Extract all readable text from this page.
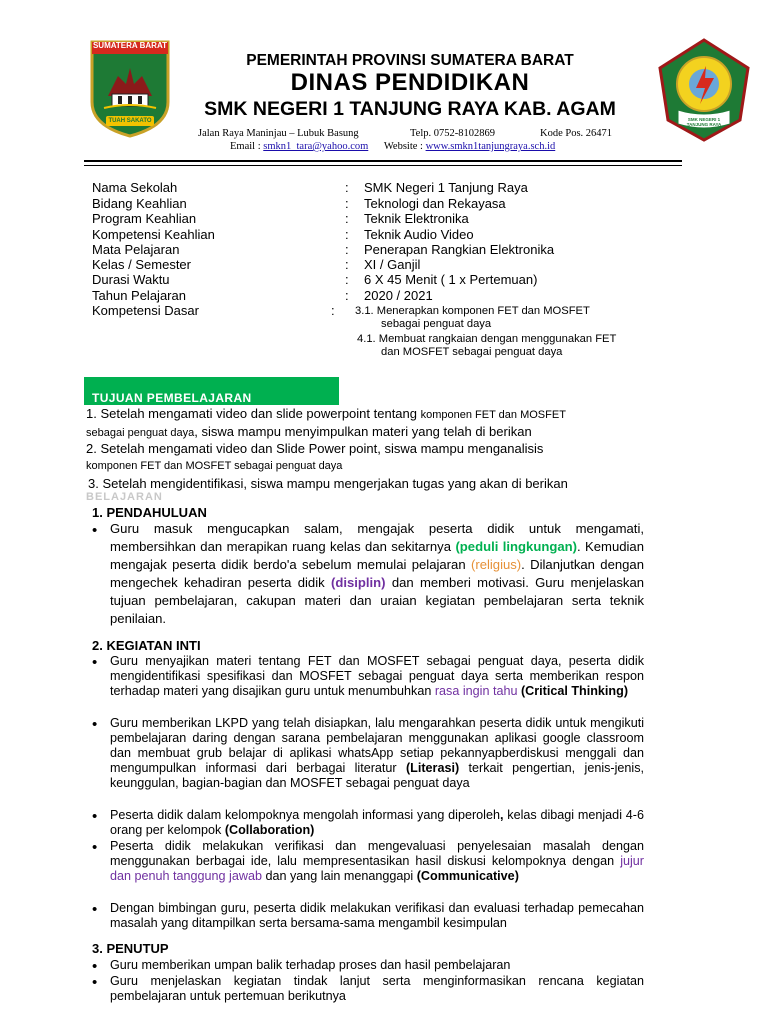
SUMATERA BARAT
TUAH SAKATO	SMK NEGERI 1 TANJUNG RAYA
PEMERINTAH PROVINSI SUMATERA BARAT
DINAS PENDIDIKAN
SMK NEGERI 1 TANJUNG RAYA KAB. AGAM
Jalan Raya Maninjau – Lubuk Basung	Telp. 0752-8102869	Kode Pos. 26471
Email : smkn1_tara@yahoo.com Website : www.smkn1tanjungraya.sch.id
Nama Sekolah	: SMK Negeri 1 Tanjung Raya
Bidang Keahlian	: Teknologi dan Rekayasa
Program Keahlian	: Teknik Elektronika
Kompetensi Keahlian	: Teknik Audio Video
Mata Pelajaran	: Penerapan Rangkian Elektronika
Kelas / Semester	: XI / Ganjil
Durasi Waktu	: 6 X 45 Menit ( 1 x Pertemuan)
Tahun Pelajaran	: 2020 / 2021
Kompetensi Dasar	: 3.1. Menerapkan komponen FET dan MOSFET
sebagai penguat daya
4.1. Membuat rangkaian dengan menggunakan FET
dan MOSFET sebagai penguat daya
TUJUAN PEMBELAJARAN
1. Setelah mengamati video dan slide powerpoint tentang komponen FET dan MOSFET
sebagai penguat daya, siswa mampu menyimpulkan materi yang telah di berikan
2. Setelah mengamati video dan Slide Power point, siswa mampu menganalisis
komponen FET dan MOSFET sebagai penguat daya
3. Setelah mengidentifikasi, siswa mampu mengerjakan tugas yang akan di berikan
BELAJARAN
1. PENDAHULUAN
• Guru masuk mengucapkan salam, mengajak peserta didik untuk mengamati, membersihkan dan merapikan ruang kelas dan sekitarnya (peduli lingkungan). Kemudian mengajak peserta didik berdo'a sebelum memulai pelajaran (religius). Dilanjutkan dengan mengechek kehadiran peserta didik (disiplin) dan memberi motivasi. Guru menjelaskan tujuan pembelajaran, cakupan materi dan uraian kegiatan pembelajaran serta teknik penilaian.
2. KEGIATAN INTI
• Guru menyajikan materi tentang FET dan MOSFET sebagai penguat daya, peserta didik mengidentifikasi spesifikasi dan MOSFET sebagai penguat daya serta memberikan respon terhadap materi yang disajikan guru untuk menumbuhkan rasa ingin tahu (Critical Thinking)
• Guru memberikan LKPD yang telah disiapkan, lalu mengarahkan peserta didik untuk mengikuti pembelajaran daring dengan sarana pembelajaran menggunakan aplikasi google classroom dan membuat grub belajar di aplikasi whatsApp setiap pekannyapberdiskusi menggali dan mengumpulkan informasi dari berbagai literatur (Literasi) terkait pengertian, jenis-jenis, keunggulan, bagian-bagian dan MOSFET sebagai penguat daya
• Peserta didik dalam kelompoknya mengolah informasi yang diperoleh, kelas dibagi menjadi 4-6 orang per kelompok (Collaboration)
• Peserta didik melakukan verifikasi dan mengevaluasi penyelesaian masalah dengan menggunakan berbagai ide, lalu mempresentasikan hasil diskusi kelompoknya dengan jujur dan penuh tanggung jawab dan yang lain menanggapi (Communicative)
• Dengan bimbingan guru, peserta didik melakukan verifikasi dan evaluasi terhadap pemecahan masalah yang ditampilkan serta bersama-sama mengambil kesimpulan
3. PENUTUP
• Guru memberikan umpan balik terhadap proses dan hasil pembelajaran
• Guru menjelaskan kegiatan tindak lanjut serta menginformasikan rencana kegiatan pembelajaran untuk pertemuan berikutnya
